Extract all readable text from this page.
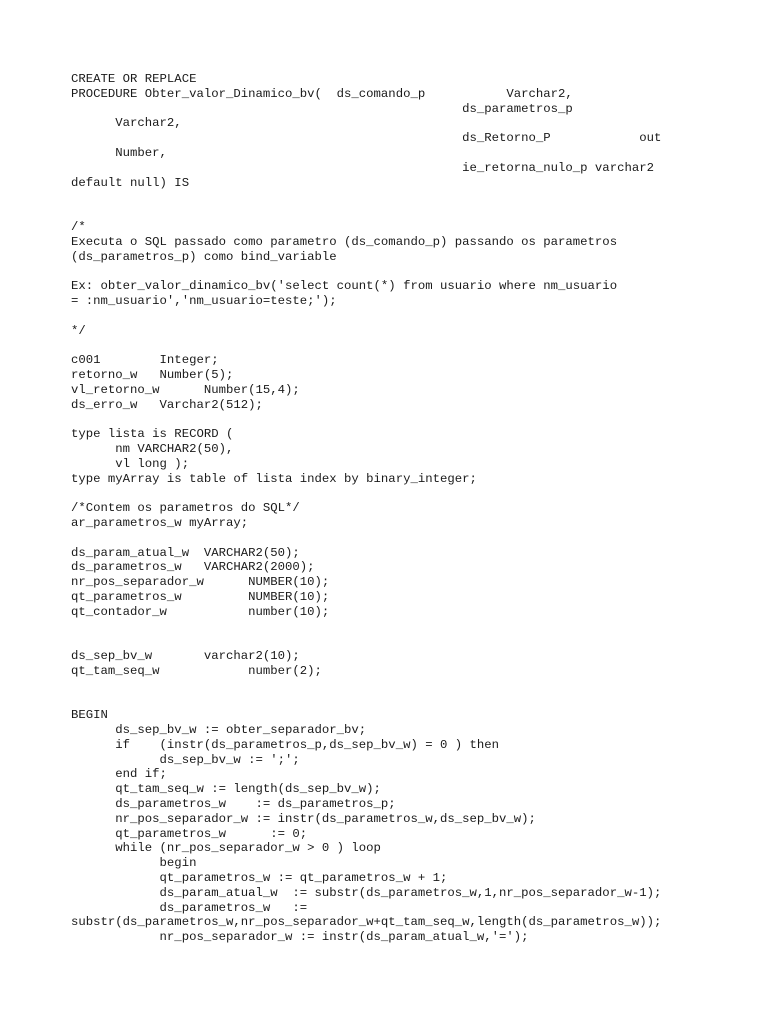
CREATE OR REPLACE
PROCEDURE Obter_valor_Dinamico_bv(  ds_comando_p           Varchar2,
ds_parametros_p
Varchar2,
ds_Retorno_P            out
Number,
ie_retorna_nulo_p varchar2
default null) IS
/*
Executa o SQL passado como parametro (ds_comando_p) passando os parametros
(ds_parametros_p) como bind_variable
Ex: obter_valor_dinamico_bv('select count(*) from usuario where nm_usuario
= :nm_usuario','nm_usuario=teste;');
*/
c001        Integer;
retorno_w   Number(5);
vl_retorno_w      Number(15,4);
ds_erro_w   Varchar2(512);
type lista is RECORD (
nm VARCHAR2(50),
vl long );
type myArray is table of lista index by binary_integer;
/*Contem os parametros do SQL*/
ar_parametros_w myArray;
ds_param_atual_w  VARCHAR2(50);
ds_parametros_w   VARCHAR2(2000);
nr_pos_separador_w      NUMBER(10);
qt_parametros_w         NUMBER(10);
qt_contador_w           number(10);
ds_sep_bv_w       varchar2(10);
qt_tam_seq_w            number(2);
BEGIN
ds_sep_bv_w := obter_separador_bv;
if    (instr(ds_parametros_p,ds_sep_bv_w) = 0 ) then
ds_sep_bv_w := ';';
end if;
qt_tam_seq_w := length(ds_sep_bv_w);
ds_parametros_w    := ds_parametros_p;
nr_pos_separador_w := instr(ds_parametros_w,ds_sep_bv_w);
qt_parametros_w      := 0;
while (nr_pos_separador_w > 0 ) loop
begin
qt_parametros_w := qt_parametros_w + 1;
ds_param_atual_w  := substr(ds_parametros_w,1,nr_pos_separador_w-1);
ds_parametros_w   :=
substr(ds_parametros_w,nr_pos_separador_w+qt_tam_seq_w,length(ds_parametros_w));
nr_pos_separador_w := instr(ds_param_atual_w,'=');
